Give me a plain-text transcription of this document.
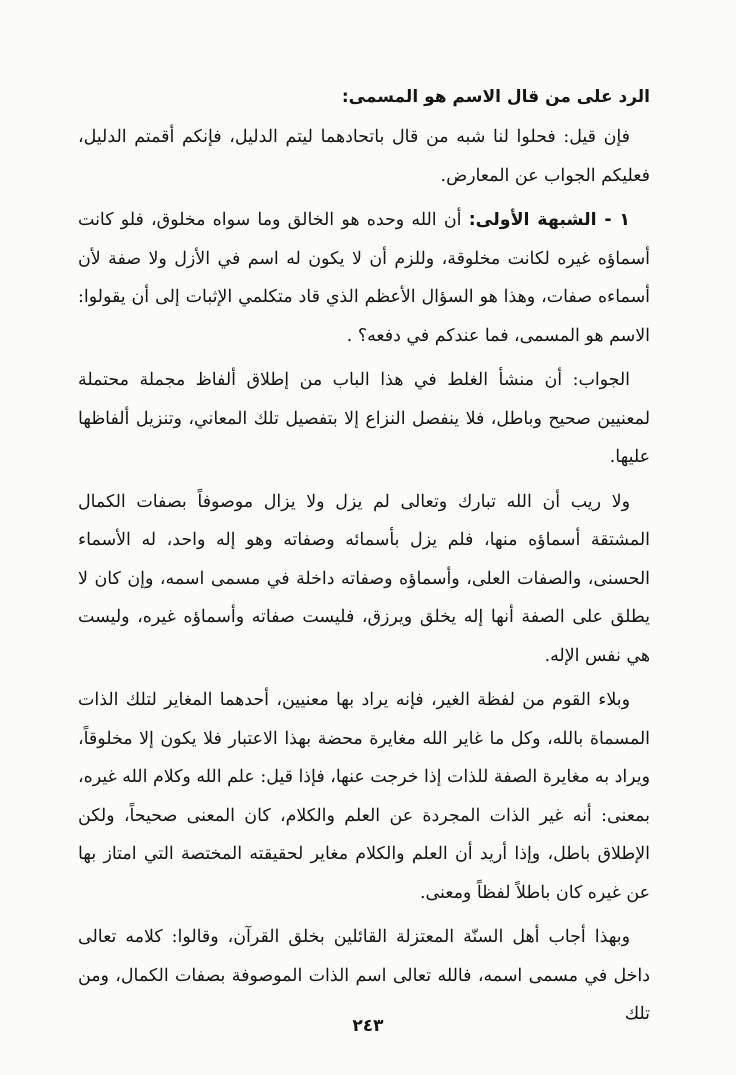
الرد على من قال الاسم هو المسمى:

فإن قيل: فحلوا لنا شبه من قال باتحادهما ليتم الدليل، فإنكم أقمتم الدليل، فعليكم الجواب عن المعارض.

١ - الشبهة الأولى: أن الله وحده هو الخالق وما سواه مخلوق، فلو كانت أسماؤه غيره لكانت مخلوقة، وللزم أن لا يكون له اسم في الأزل ولا صفة لأن أسماءه صفات، وهذا هو السؤال الأعظم الذي قاد متكلمي الإثبات إلى أن يقولوا: الاسم هو المسمى، فما عندكم في دفعه؟ .

الجواب: أن منشأ الغلط في هذا الباب من إطلاق ألفاظ مجملة محتملة لمعنيين صحيح وباطل، فلا ينفصل النزاع إلا بتفصيل تلك المعاني، وتنزيل ألفاظها عليها.

ولا ريب أن الله تبارك وتعالى لم يزل ولا يزال موصوفاً بصفات الكمال المشتقة أسماؤه منها، فلم يزل بأسمائه وصفاته وهو إله واحد، له الأسماء الحسنى، والصفات العلى، وأسماؤه وصفاته داخلة في مسمى اسمه، وإن كان لا يطلق على الصفة أنها إله يخلق ويرزق، فليست صفاته وأسماؤه غيره، وليست هي نفس الإله.

وبلاء القوم من لفظة الغير، فإنه يراد بها معنيين، أحدهما المغاير لتلك الذات المسماة بالله، وكل ما غاير الله مغايرة محضة بهذا الاعتبار فلا يكون إلا مخلوقاً، ويراد به مغايرة الصفة للذات إذا خرجت عنها، فإذا قيل: علم الله وكلام الله غيره، بمعنى: أنه غير الذات المجردة عن العلم والكلام، كان المعنى صحيحاً، ولكن الإطلاق باطل، وإذا أريد أن العلم والكلام مغاير لحقيقته المختصة التي امتاز بها عن غيره كان باطلاً لفظاً ومعنى.

وبهذا أجاب أهل السنّة المعتزلة القائلين بخلق القرآن، وقالوا: كلامه تعالى داخل في مسمى اسمه، فالله تعالى اسم الذات الموصوفة بصفات الكمال، ومن تلك

٢٤٣
